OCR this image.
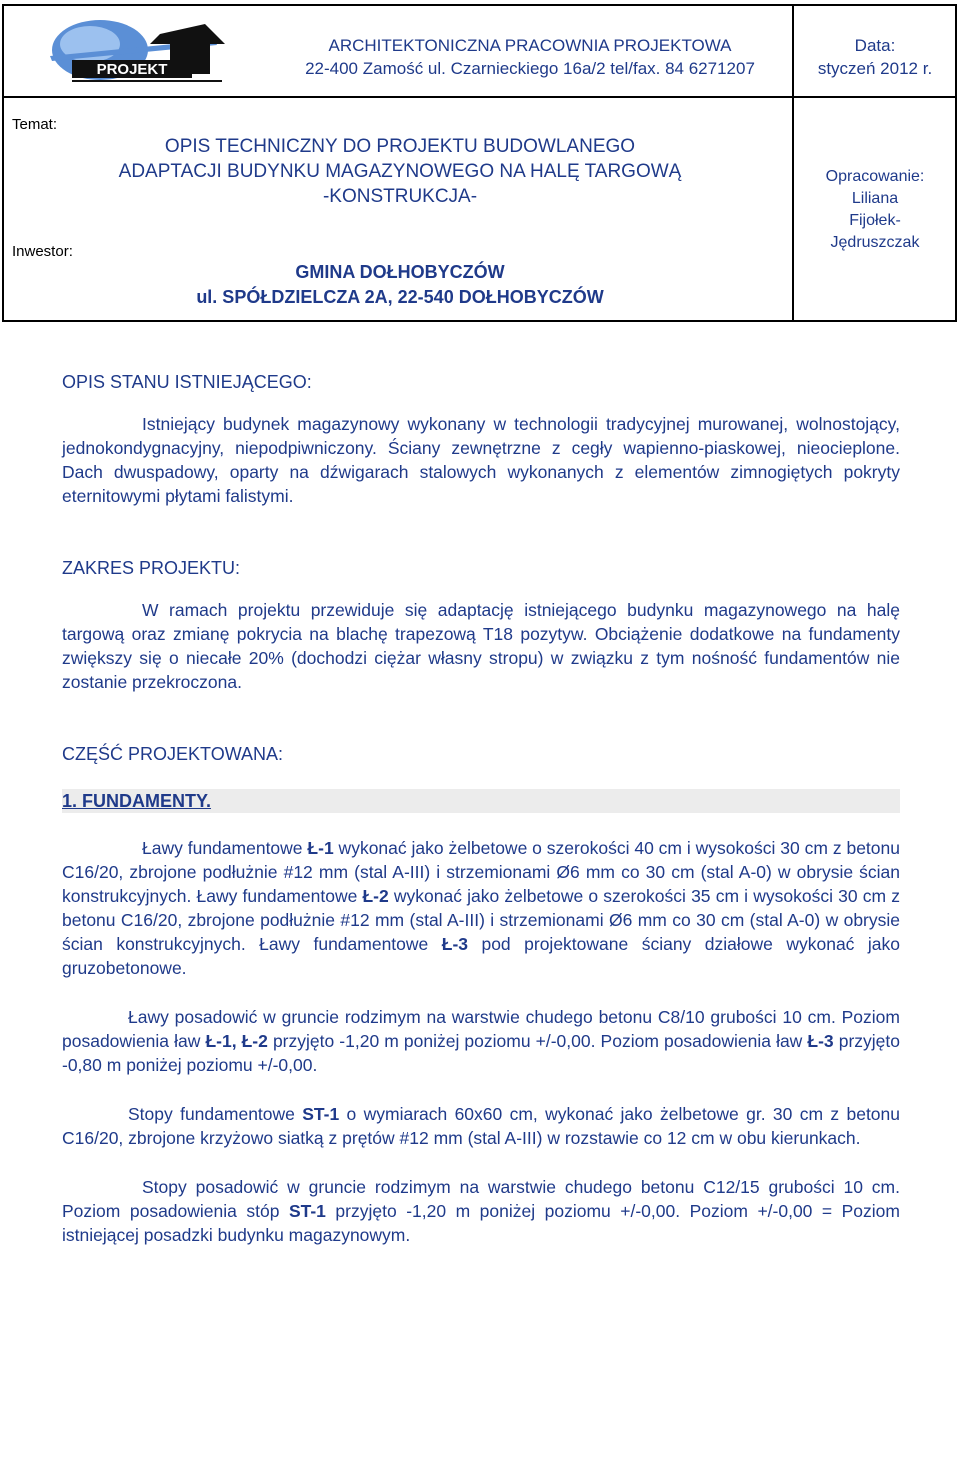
PROJEKT
ARCHITEKTONICZNA PRACOWNIA PROJEKTOWA
22-400 Zamość ul. Czarnieckiego 16a/2 tel/fax. 84 6271207
Data:
styczeń 2012 r.
Temat:
OPIS TECHNICZNY DO PROJEKTU BUDOWLANEGO
ADAPTACJI BUDYNKU MAGAZYNOWEGO NA HALĘ TARGOWĄ
-KONSTRUKCJA-
Inwestor:
GMINA DOŁHOBYCZÓW
ul. SPÓŁDZIELCZA 2A, 22-540 DOŁHOBYCZÓW
Opracowanie:
Liliana
Fijołek-
Jędruszczak
OPIS STANU ISTNIEJĄCEGO:

Istniejący budynek magazynowy wykonany w technologii tradycyjnej murowanej, wolnostojący, jednokondygnacyjny, niepodpiwniczony. Ściany zewnętrzne z cegły wapienno-piaskowej, nieocieplone. Dach dwuspadowy, oparty na dźwigarach stalowych wykonanych z elementów zimnogiętych pokryty eternitowymi płytami falistymi.

ZAKRES PROJEKTU:

W ramach projektu przewiduje się adaptację istniejącego budynku magazynowego na halę targową oraz zmianę pokrycia na blachę trapezową T18 pozytyw. Obciążenie dodatkowe na fundamenty zwiększy się o niecałe 20% (dochodzi ciężar własny stropu) w związku z tym nośność fundamentów nie zostanie przekroczona.

CZĘŚĆ PROJEKTOWANA:
1. FUNDAMENTY.

Ławy fundamentowe Ł-1 wykonać jako żelbetowe o szerokości 40 cm i wysokości 30 cm z betonu C16/20, zbrojone podłużnie #12 mm (stal A-III) i strzemionami Ø6 mm co 30 cm (stal A-0) w obrysie ścian konstrukcyjnych. Ławy fundamentowe Ł-2 wykonać jako żelbetowe o szerokości 35 cm i wysokości 30 cm z betonu C16/20, zbrojone podłużnie #12 mm (stal A-III) i strzemionami Ø6 mm co 30 cm (stal A-0) w obrysie ścian konstrukcyjnych. Ławy fundamentowe Ł-3 pod projektowane ściany działowe wykonać jako gruzobetonowe.

Ławy posadowić w gruncie rodzimym na warstwie chudego betonu C8/10 grubości 10 cm. Poziom posadowienia ław Ł-1, Ł-2 przyjęto -1,20 m poniżej poziomu +/-0,00. Poziom posadowienia ław Ł-3 przyjęto -0,80 m poniżej poziomu +/-0,00.

Stopy fundamentowe ST-1 o wymiarach 60x60 cm, wykonać jako żelbetowe gr. 30 cm z betonu C16/20, zbrojone krzyżowo siatką z prętów #12 mm (stal A-III) w rozstawie co 12 cm w obu kierunkach.

Stopy posadowić w gruncie rodzimym na warstwie chudego betonu C12/15 grubości 10 cm. Poziom posadowienia stóp ST-1 przyjęto -1,20 m poniżej poziomu +/-0,00. Poziom +/-0,00 = Poziom istniejącej posadzki budynku magazynowym.
